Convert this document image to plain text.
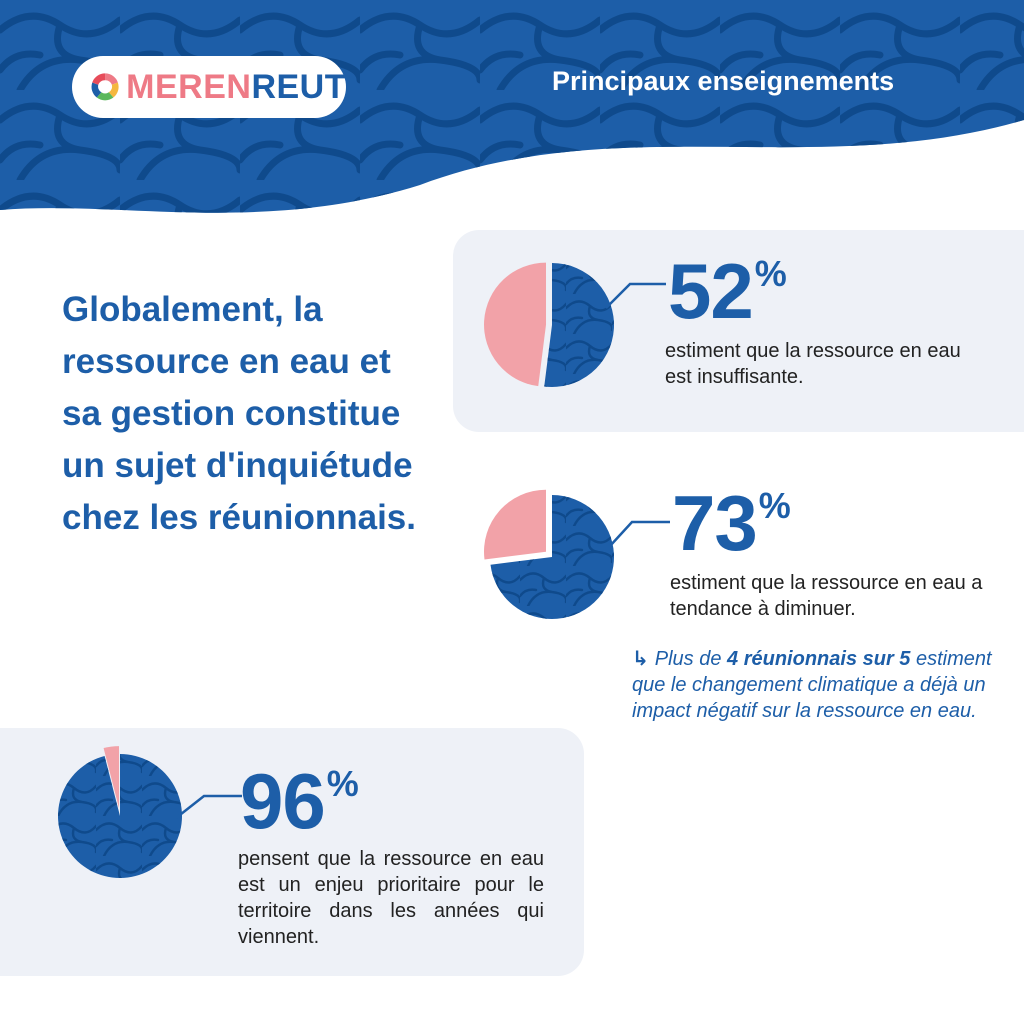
MERENREUT	Principaux enseignements
Globalement, la ressource en eau et sa gestion constitue un sujet d'inquiétude chez les réunionnais.
52%
estiment que la ressource en eau est insuffisante.
73%
estiment que la ressource en eau a tendance à diminuer.
↳ Plus de 4 réunionnais sur 5 estiment que le changement climatique a déjà un impact négatif sur la ressource en eau.
96%
pensent que la ressource en eau est un enjeu prioritaire pour le territoire dans les années qui viennent.
